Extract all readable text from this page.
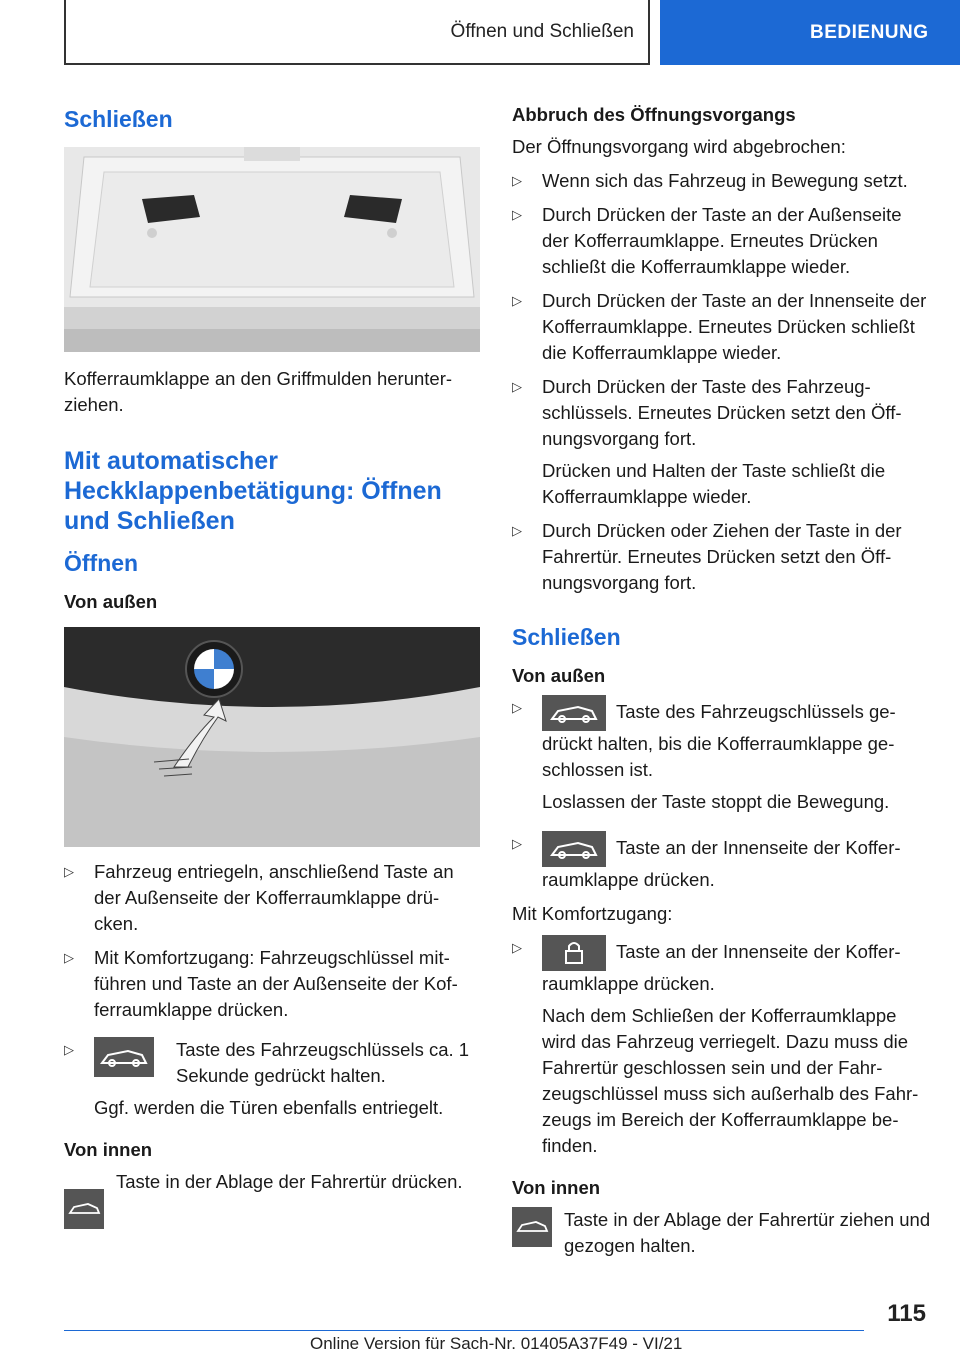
Öffnen und Schließen	BEDIENUNG
Schließen

Kofferraumklappe an den Griffmulden herunter-ziehen.

Mit automatischer Heckklappenbetätigung: Öffnen und Schließen
Öffnen
Von außen
▷ Fahrzeug entriegeln, anschließend Taste an der Außenseite der Kofferraumklappe drü-cken.
▷ Mit Komfortzugang: Fahrzeugschlüssel mit-führen und Taste an der Außenseite der Kof-ferraumklappe drücken.
▷ Taste des Fahrzeugschlüssels ca. 1 Sekunde gedrückt halten.

Ggf. werden die Türen ebenfalls entriegelt.

Von innen

Taste in der Ablage der Fahrertür drücken.

Abbruch des Öffnungsvorgangs

Der Öffnungsvorgang wird abgebrochen:

▷ Wenn sich das Fahrzeug in Bewegung setzt.
▷ Durch Drücken der Taste an der Außenseite der Kofferraumklappe. Erneutes Drücken schließt die Kofferraumklappe wieder.
▷ Durch Drücken der Taste an der Innenseite der Kofferraumklappe. Erneutes Drücken schließt die Kofferraumklappe wieder.
▷ Durch Drücken der Taste des Fahrzeug-schlüssels. Erneutes Drücken setzt den Öff-nungsvorgang fort.

Drücken und Halten der Taste schließt die Kofferraumklappe wieder.

▷ Durch Drücken oder Ziehen der Taste in der Fahrertür. Erneutes Drücken setzt den Öff-nungsvorgang fort.
Schließen
Von außen
▷ Taste des Fahrzeugschlüssels ge-drückt halten, bis die Kofferraumklappe ge-schlossen ist.

Loslassen der Taste stoppt die Bewegung.

▷ Taste an der Innenseite der Koffer-raumklappe drücken.

Mit Komfortzugang:

▷ Taste an der Innenseite der Koffer-raumklappe drücken.

Nach dem Schließen der Kofferraumklappe wird das Fahrzeug verriegelt. Dazu muss die Fahrertür geschlossen sein und der Fahr-zeugschlüssel muss sich außerhalb des Fahr-zeugs im Bereich der Kofferraumklappe be-finden.

Von innen

Taste in der Ablage der Fahrertür ziehen und gezogen halten.

115
Online Version für Sach-Nr. 01405A37F49 - VI/21
